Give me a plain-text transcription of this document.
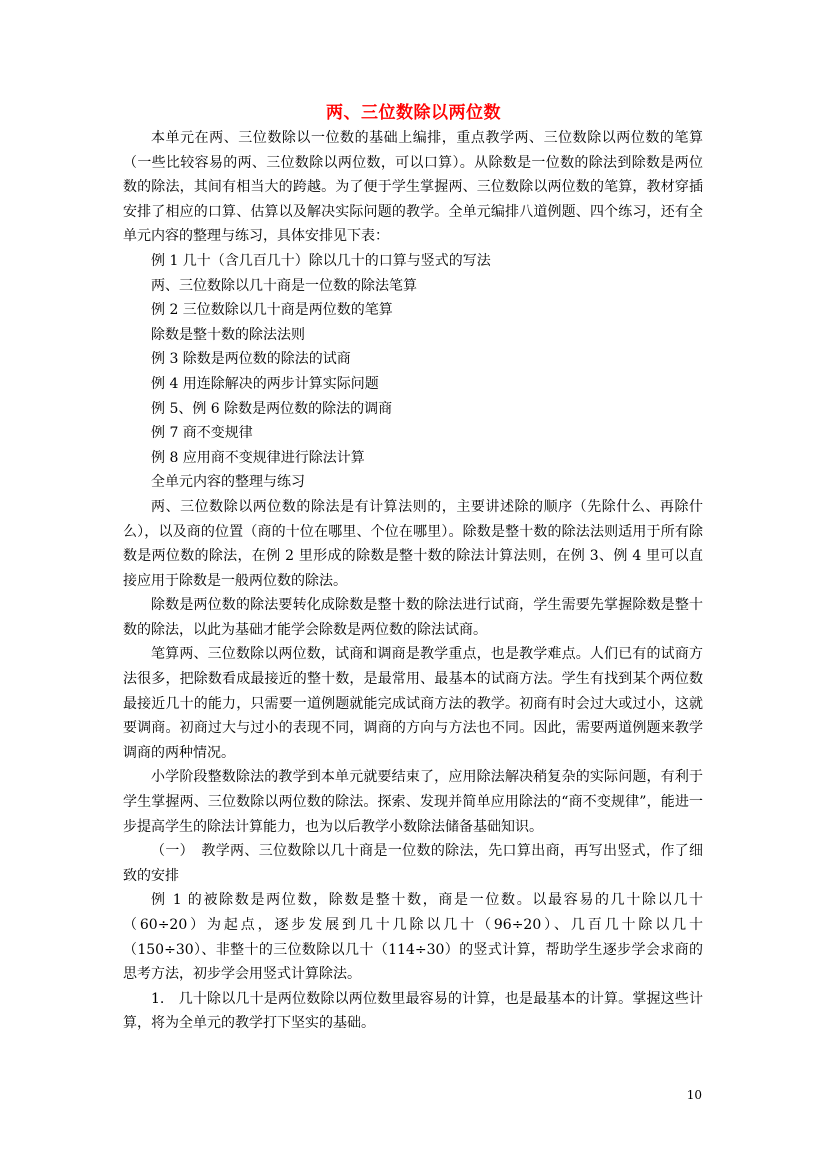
两、三位数除以两位数

本单元在两、三位数除以一位数的基础上编排，重点教学两、三位数除以两位数的笔算（一些比较容易的两、三位数除以两位数，可以口算）。从除数是一位数的除法到除数是两位数的除法，其间有相当大的跨越。为了便于学生掌握两、三位数除以两位数的笔算，教材穿插安排了相应的口算、估算以及解决实际问题的教学。全单元编排八道例题、四个练习，还有全单元内容的整理与练习，具体安排见下表：

例 1 几十（含几百几十）除以几十的口算与竖式的写法

两、三位数除以几十商是一位数的除法笔算

例 2 三位数除以几十商是两位数的笔算

除数是整十数的除法法则

例 3 除数是两位数的除法的试商

例 4 用连除解决的两步计算实际问题

例 5、例 6 除数是两位数的除法的调商

例 7 商不变规律

例 8 应用商不变规律进行除法计算

全单元内容的整理与练习

两、三位数除以两位数的除法是有计算法则的，主要讲述除的顺序（先除什么、再除什么），以及商的位置（商的十位在哪里、个位在哪里）。除数是整十数的除法法则适用于所有除数是两位数的除法，在例 2 里形成的除数是整十数的除法计算法则，在例 3、例 4 里可以直接应用于除数是一般两位数的除法。

除数是两位数的除法要转化成除数是整十数的除法进行试商，学生需要先掌握除数是整十数的除法，以此为基础才能学会除数是两位数的除法试商。

笔算两、三位数除以两位数，试商和调商是教学重点，也是教学难点。人们已有的试商方法很多，把除数看成最接近的整十数，是最常用、最基本的试商方法。学生有找到某个两位数最接近几十的能力，只需要一道例题就能完成试商方法的教学。初商有时会过大或过小，这就要调商。初商过大与过小的表现不同，调商的方向与方法也不同。因此，需要两道例题来教学调商的两种情况。

小学阶段整数除法的教学到本单元就要结束了，应用除法解决稍复杂的实际问题，有利于学生掌握两、三位数除以两位数的除法。探索、发现并简单应用除法的“商不变规律”，能进一步提高学生的除法计算能力，也为以后教学小数除法储备基础知识。

（一）　教学两、三位数除以几十商是一位数的除法，先口算出商，再写出竖式，作了细致的安排

例 1 的被除数是两位数，除数是整十数，商是一位数。以最容易的几十除以几十（60÷20）为起点，逐步发展到几十几除以几十（96÷20）、几百几十除以几十（150÷30）、非整十的三位数除以几十（114÷30）的竖式计算，帮助学生逐步学会求商的思考方法，初步学会用竖式计算除法。

1.　几十除以几十是两位数除以两位数里最容易的计算，也是最基本的计算。掌握这些计算，将为全单元的教学打下坚实的基础。

10
